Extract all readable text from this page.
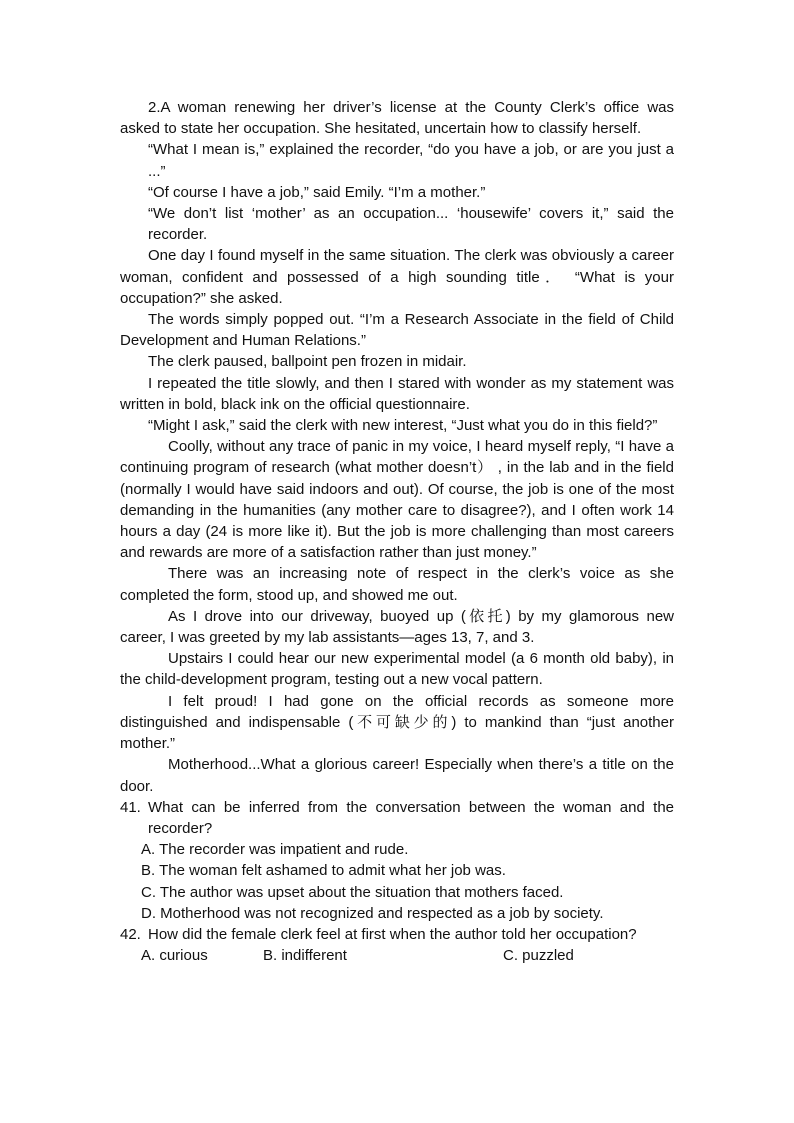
2.A woman renewing her driver’s license at the County Clerk’s office was asked to state her occupation. She hesitated, uncertain how to classify herself.

“What I mean is,” explained the recorder, “do you have a job, or are you just a ...”

“Of course I have a job,” said Emily. “I’m a mother.”

“We don’t list ‘mother’ as an occupation... ‘housewife’ covers it,” said the recorder.

One day I found myself in the same situation. The clerk was obviously a career woman, confident and possessed of a high sounding title． “What is your occupation?” she asked.

The words simply popped out. “I’m a Research Associate in the field of Child Development and Human Relations.”

The clerk paused, ballpoint pen frozen in midair.

I repeated the title slowly, and then I stared with wonder as my statement was written in bold, black ink on the official questionnaire.

“Might I ask,” said the clerk with new interest, “Just what you do in this field?”

Coolly, without any trace of panic in my voice, I heard myself reply, “I have a continuing program of research (what mother doesn’t） , in the lab and in the field (normally I would have said indoors and out). Of course, the job is one of the most demanding in the humanities (any mother care to disagree?), and I often work 14 hours a day (24 is more like it). But the job is more challenging than most careers and rewards are more of a satisfaction rather than just money.”

There was an increasing note of respect in the clerk’s voice as she completed the form, stood up, and showed me out.

As I drove into our driveway, buoyed up (依托) by my glamorous new career, I was greeted by my lab assistants—ages 13, 7, and 3.

Upstairs I could hear our new experimental model (a 6 month old baby), in the child-development program, testing out a new vocal pattern.

I felt proud! I had gone on the official records as someone more distinguished and indispensable (不可缺少的) to mankind than “just another mother.”

Motherhood...What a glorious career! Especially when there’s a title on the door.

41. What can be inferred from the conversation between the woman and the recorder?

A. The recorder was impatient and rude.

B. The woman felt ashamed to admit what her job was.

C. The author was upset about the situation that mothers faced.

D. Motherhood was not recognized and respected as a job by society.

42. How did the female clerk feel at first when the author told her occupation?

A. curious	B. indifferent	C. puzzled
